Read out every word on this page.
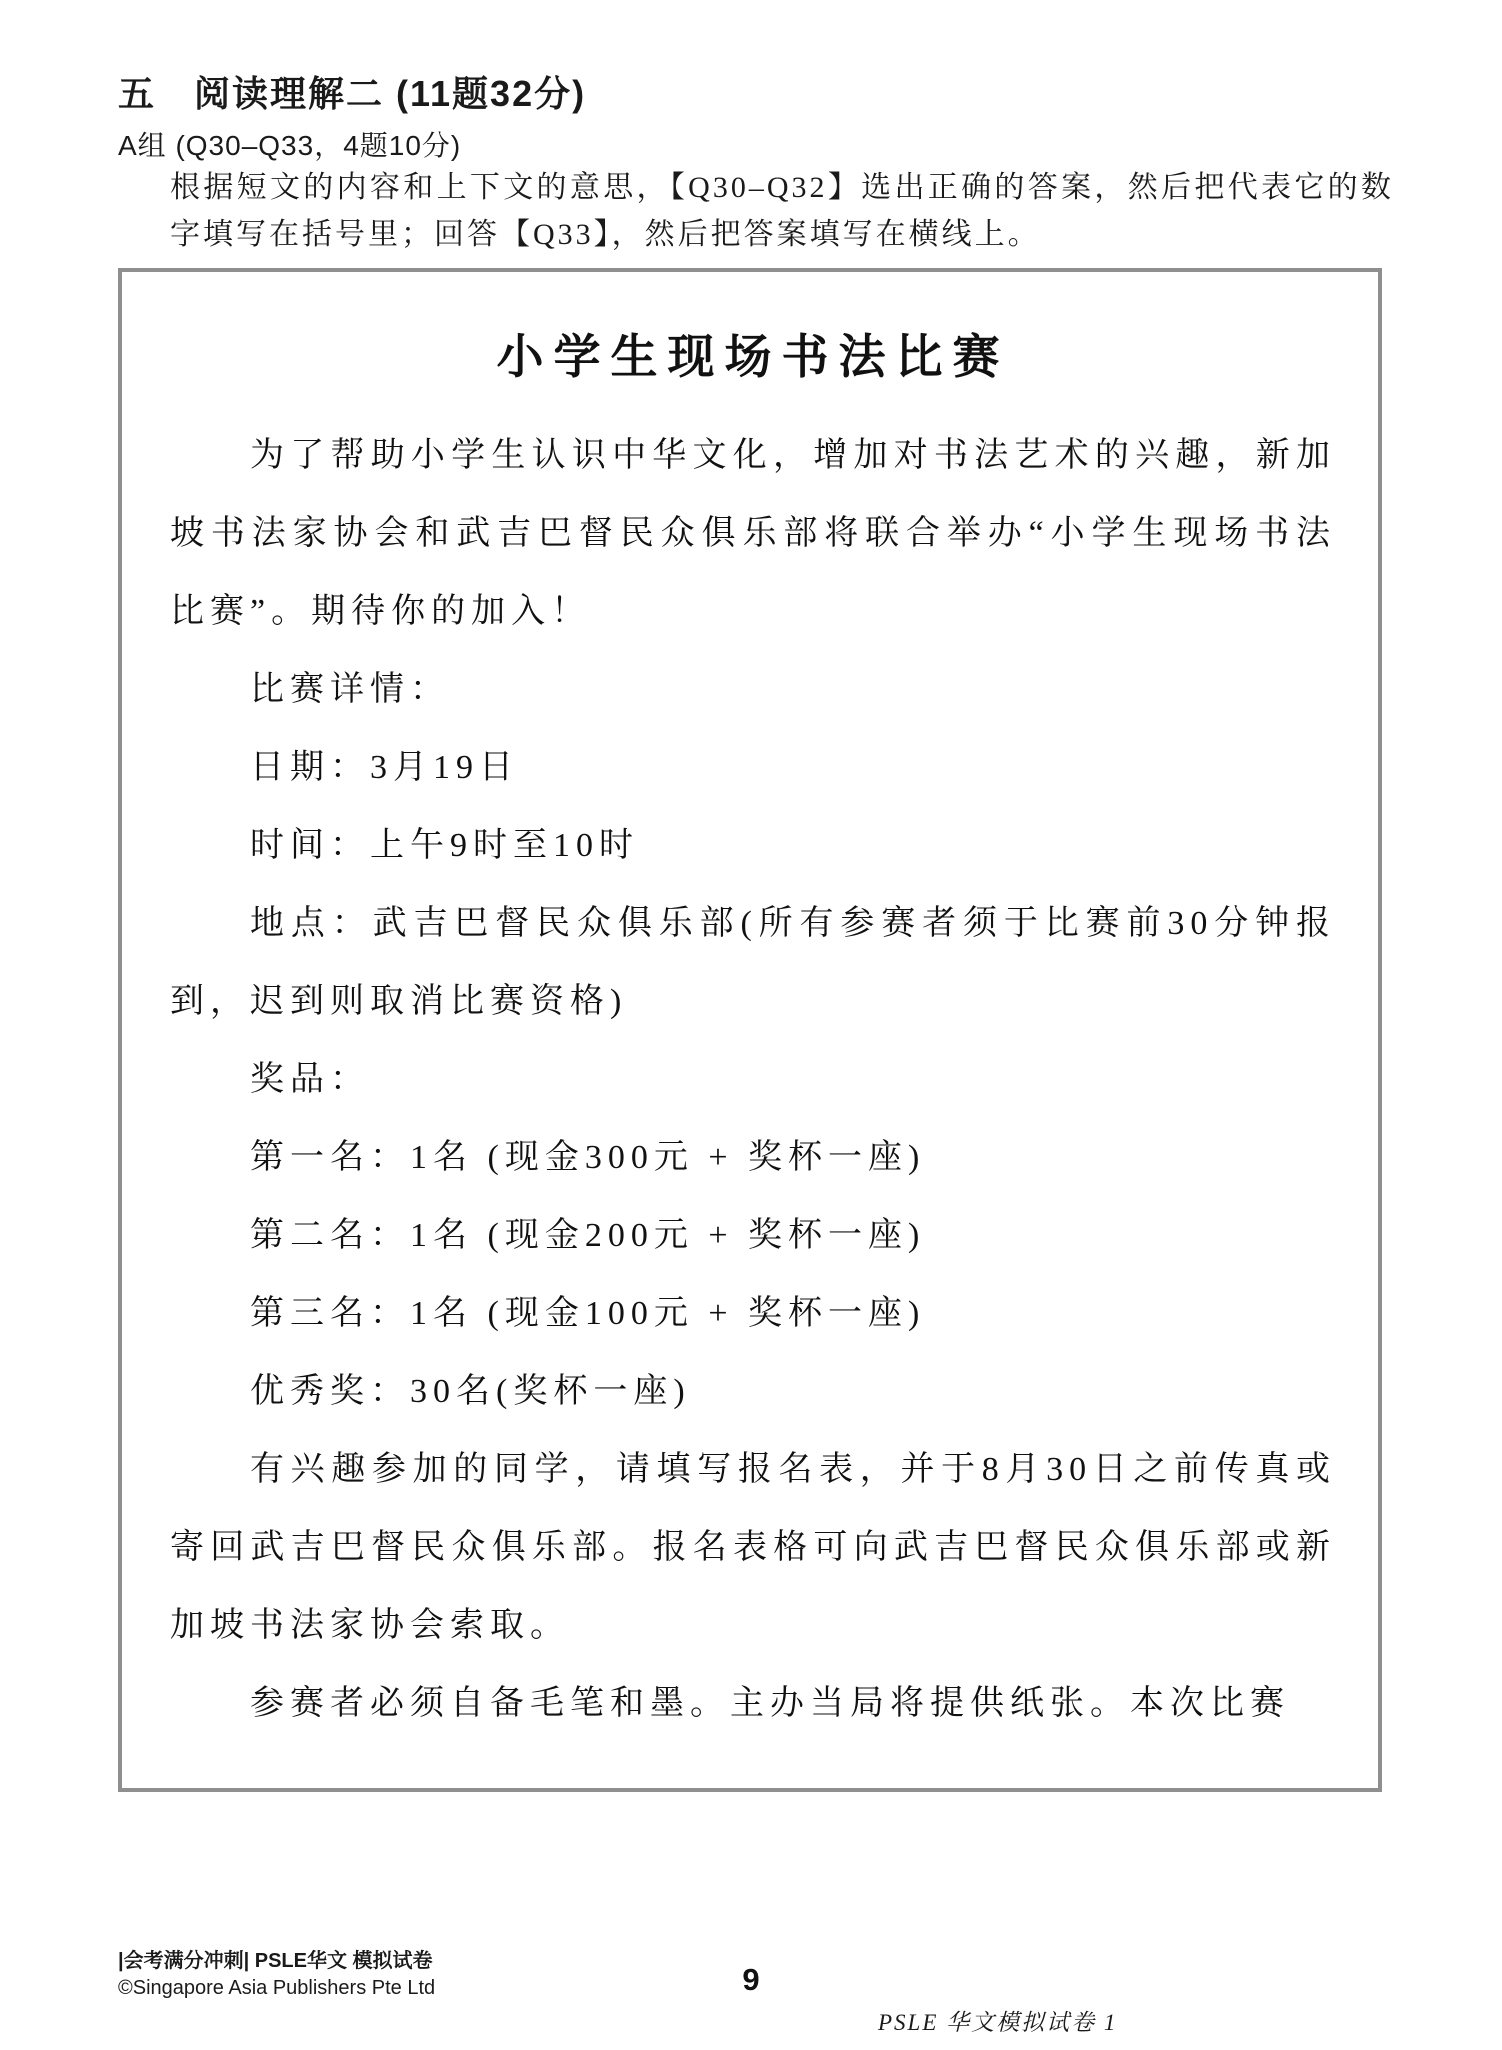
五　阅读理解二 (11题32分)
A组 (Q30–Q33，4题10分)
根据短文的内容和上下文的意思，【Q30–Q32】选出正确的答案，然后把代表它的数字填写在括号里；回答【Q33】，然后把答案填写在横线上。
小学生现场书法比赛

为了帮助小学生认识中华文化，增加对书法艺术的兴趣，新加坡书法家协会和武吉巴督民众俱乐部将联合举办“小学生现场书法比赛”。期待你的加入！

比赛详情：

日期：3月19日

时间：上午9时至10时

地点：武吉巴督民众俱乐部(所有参赛者须于比赛前30分钟报到，迟到则取消比赛资格)

奖品：

第一名：1名 (现金300元 + 奖杯一座)

第二名：1名 (现金200元 + 奖杯一座)

第三名：1名 (现金100元 + 奖杯一座)

优秀奖：30名(奖杯一座)

有兴趣参加的同学，请填写报名表，并于8月30日之前传真或寄回武吉巴督民众俱乐部。报名表格可向武吉巴督民众俱乐部或新加坡书法家协会索取。

参赛者必须自备毛笔和墨。主办当局将提供纸张。本次比赛

|会考满分冲刺| PSLE华文 模拟试卷
©Singapore Asia Publishers Pte Ltd	9
PSLE 华文模拟试卷 1
